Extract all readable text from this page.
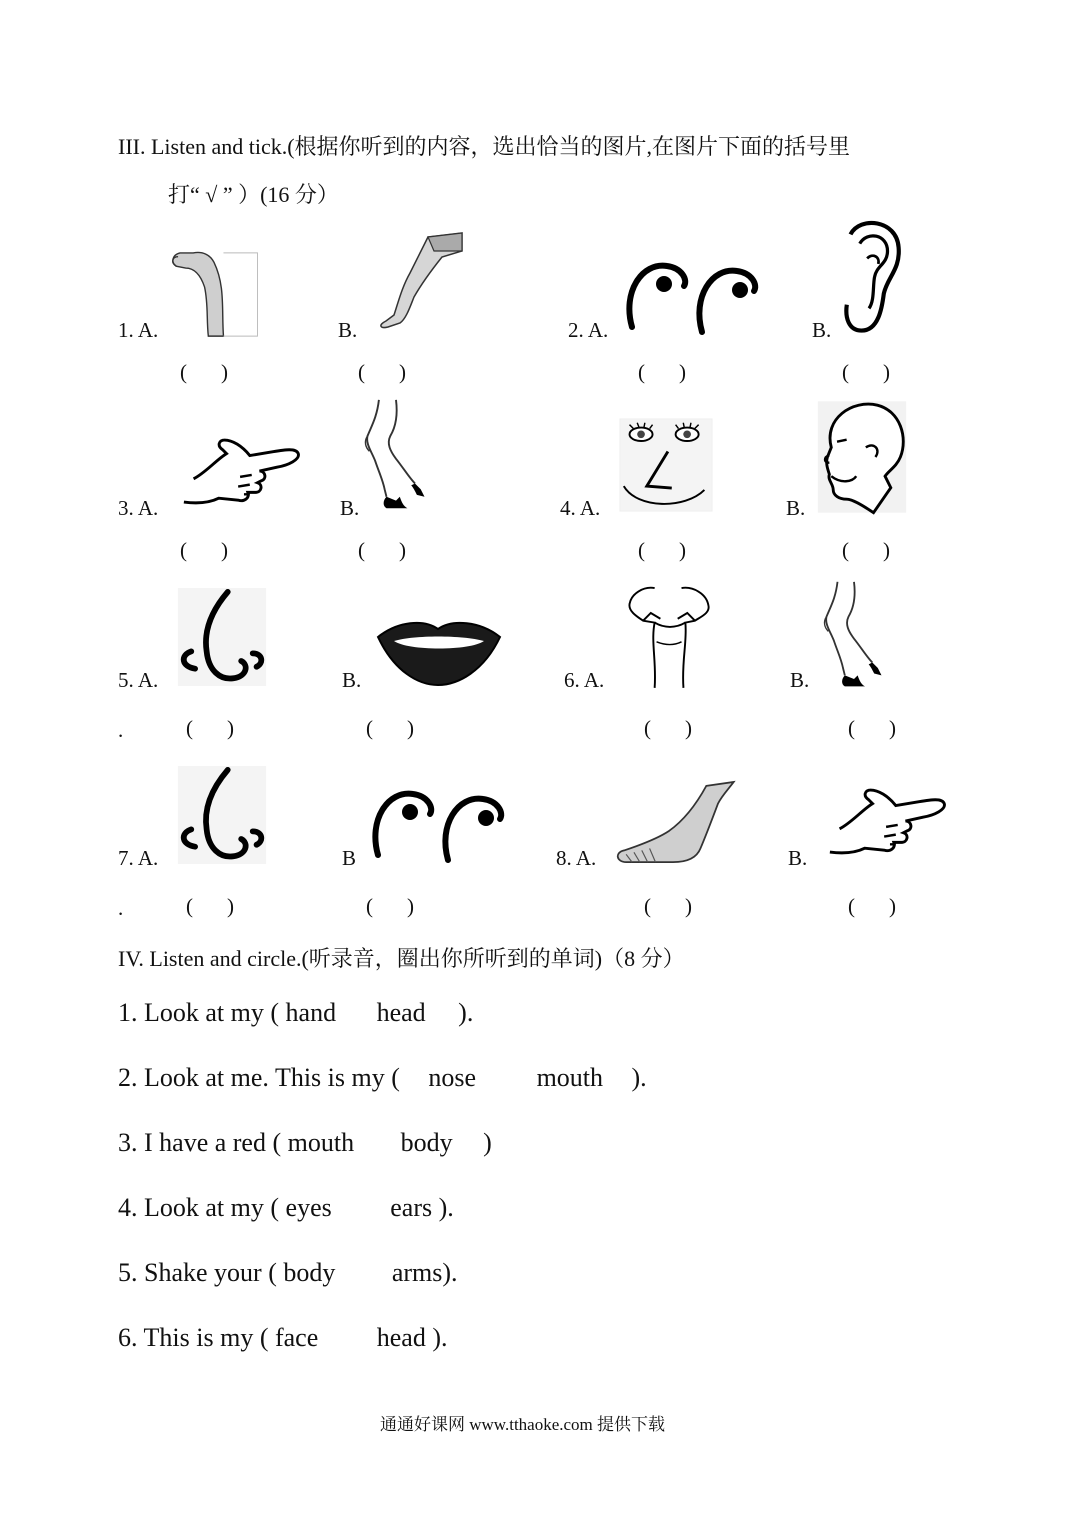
III. Listen and tick.(根据你听到的内容，选出恰当的图片,在图片下面的括号里
打“ √ ” ）(16 分）
1. A.	B.	2. A.	B.
( )	( )	( )	( )
3. A.	B.	4. A.	B.
( )	( )	( )	( )
5. A.	B.	6. A.	B.
.	( )	( )	( )	( )
7. A.	B	8. A.	B.
.	( )	( )	( )	( )
IV. Listen and circle.(听录音，圈出你所听到的单词)（8 分）
1. Look at my ( hand head ).
2. Look at me. This is my ( nose mouth ).
3. I have a red ( mouth body )
4. Look at my ( eyes ears ).
5. Shake your ( body arms).
6. This is my ( face head ).
通通好课网 www.tthaoke.com 提供下载
